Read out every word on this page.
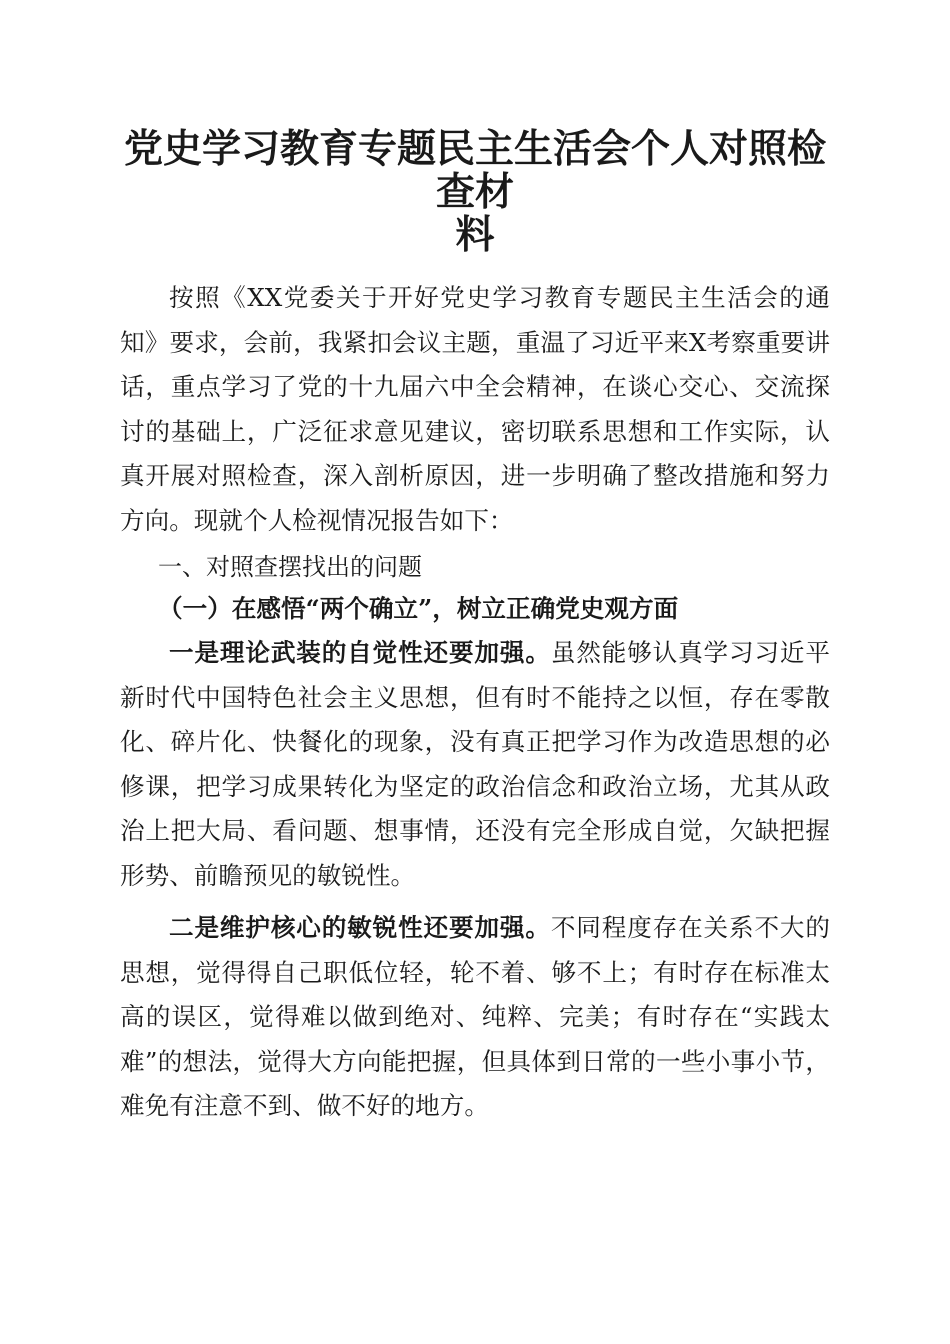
党史学习教育专题民主生活会个人对照检查材
料

按照《XX党委关于开好党史学习教育专题民主生活会的通知》要求，会前，我紧扣会议主题，重温了习近平来X考察重要讲话，重点学习了党的十九届六中全会精神，在谈心交心、交流探讨的基础上，广泛征求意见建议，密切联系思想和工作实际，认真开展对照检查，深入剖析原因，进一步明确了整改措施和努力方向。现就个人检视情况报告如下：

一、对照查摆找出的问题

（一）在感悟“两个确立”，树立正确党史观方面

一是理论武装的自觉性还要加强。虽然能够认真学习习近平新时代中国特色社会主义思想，但有时不能持之以恒，存在零散化、碎片化、快餐化的现象，没有真正把学习作为改造思想的必修课，把学习成果转化为坚定的政治信念和政治立场，尤其从政治上把大局、看问题、想事情，还没有完全形成自觉，欠缺把握形势、前瞻预见的敏锐性。

二是维护核心的敏锐性还要加强。不同程度存在关系不大的思想，觉得得自己职低位轻，轮不着、够不上；有时存在标准太高的误区，觉得难以做到绝对、纯粹、完美；有时存在“实践太难”的想法，觉得大方向能把握，但具体到日常的一些小事小节，难免有注意不到、做不好的地方。
